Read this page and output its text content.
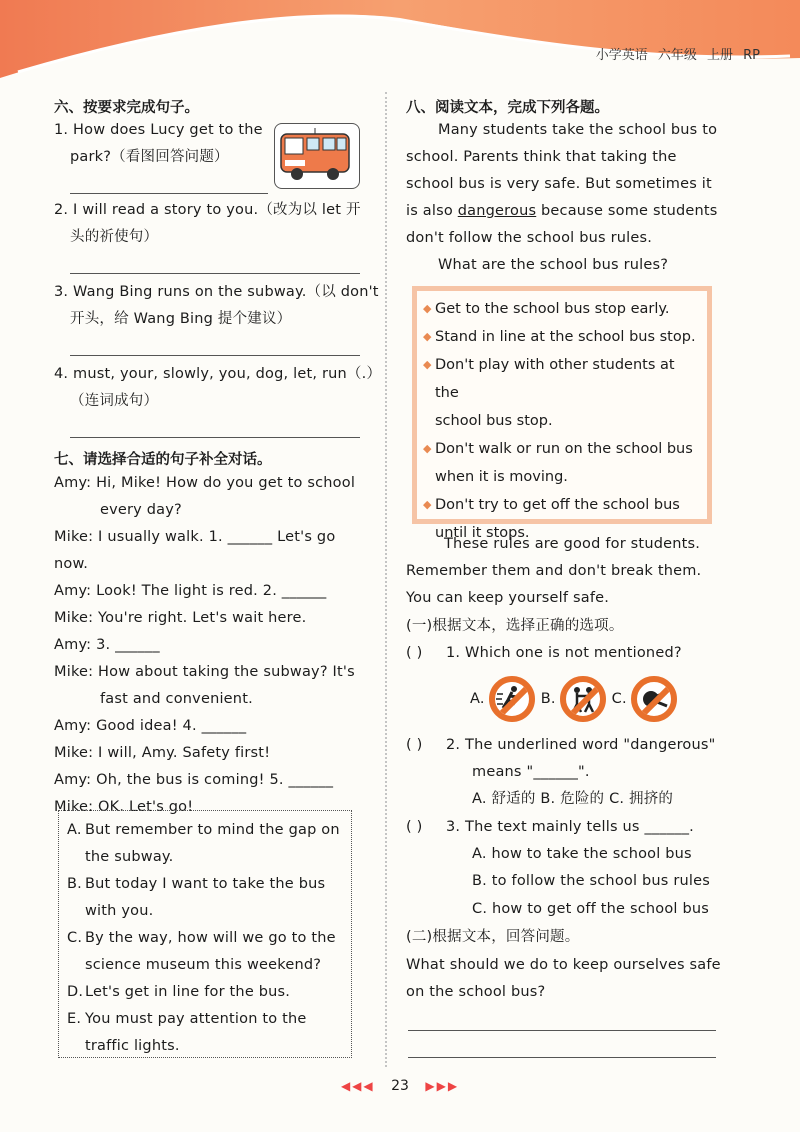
小学英语 六年级 上册 RP
六、按要求完成句子。
1. How does Lucy get to the
park?（看图回答问题）
2. I will read a story to you.（改为以 let 开
头的祈使句）
3. Wang Bing runs on the subway.（以 don't
开头，给 Wang Bing 提个建议）
4. must, your, slowly, you, dog, let, run（.）
（连词成句）
七、请选择合适的句子补全对话。
Amy: Hi, Mike! How do you get to school
every day?
Mike: I usually walk. 1. ______ Let's go now.
Amy: Look! The light is red. 2. ______
Mike: You're right. Let's wait here.
Amy: 3. ______
Mike: How about taking the subway? It's
fast and convenient.
Amy: Good idea! 4. ______
Mike: I will, Amy. Safety first!
Amy: Oh, the bus is coming! 5. ______
Mike: OK. Let's go!
A. But remember to mind the gap on
the subway.
B. But today I want to take the bus
with you.
C. By the way, how will we go to the
science museum this weekend?
D. Let's get in line for the bus.
E. You must pay attention to the
traffic lights.
八、阅读文本，完成下列各题。
Many students take the school bus to
school. Parents think that taking the
school bus is very safe. But sometimes it
is also dangerous because some students
don't follow the school bus rules.
What are the school bus rules?
◆ Get to the school bus stop early.
◆ Stand in line at the school bus stop.
◆ Don't play with other students at the
school bus stop.
◆ Don't walk or run on the school bus
when it is moving.
◆ Don't try to get off the school bus
until it stops.
These rules are good for students.
Remember them and don't break them.
You can keep yourself safe.
(一)根据文本，选择正确的选项。
( ) 1. Which one is not mentioned?
A.	B.	C.
( ) 2. The underlined word "dangerous"
means "______".
A. 舒适的 B. 危险的 C. 拥挤的
( ) 3. The text mainly tells us ______.
A. how to take the school bus
B. to follow the school bus rules
C. how to get off the school bus
(二)根据文本，回答问题。
What should we do to keep ourselves safe
on the school bus?
◀◀◀ 23 ▶▶▶
